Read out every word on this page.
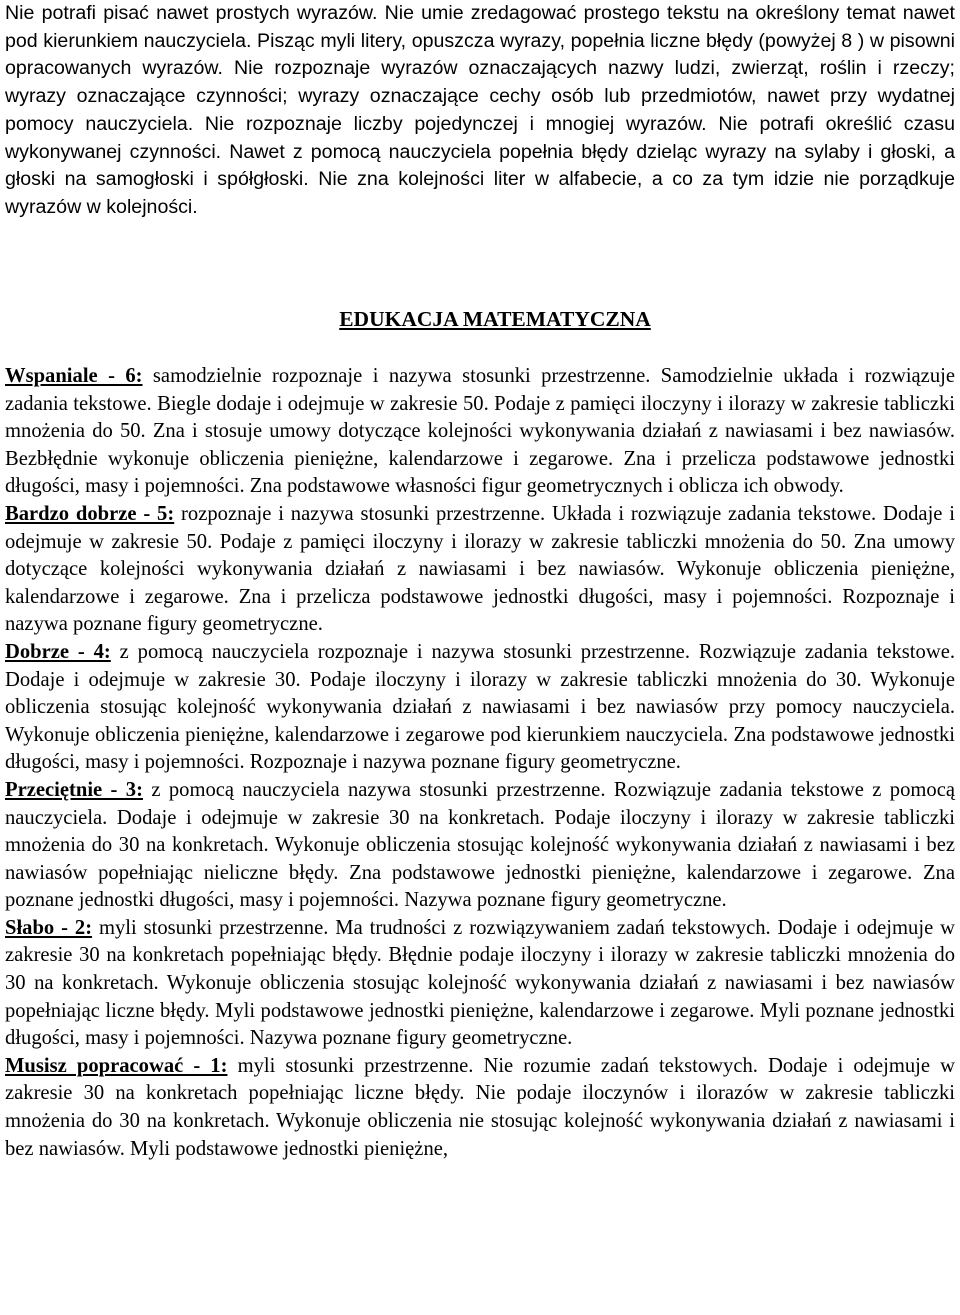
Nie potrafi pisać nawet prostych wyrazów. Nie umie zredagować prostego tekstu na określony temat nawet pod kierunkiem nauczyciela. Pisząc myli litery, opuszcza wyrazy, popełnia liczne błędy (powyżej 8 ) w pisowni opracowanych wyrazów. Nie rozpoznaje wyrazów oznaczających nazwy ludzi, zwierząt, roślin i rzeczy; wyrazy oznaczające czynności; wyrazy oznaczające cechy osób lub przedmiotów, nawet przy wydatnej pomocy nauczyciela. Nie rozpoznaje liczby pojedynczej i mnogiej wyrazów. Nie potrafi określić czasu wykonywanej czynności. Nawet z pomocą nauczyciela popełnia błędy dzieląc wyrazy na sylaby i głoski, a głoski na samogłoski i spółgłoski. Nie zna kolejności liter w alfabecie, a co za tym idzie nie porządkuje wyrazów w kolejności.

EDUKACJA MATEMATYCZNA

Wspaniale - 6: samodzielnie rozpoznaje i nazywa stosunki przestrzenne. Samodzielnie układa i rozwiązuje zadania tekstowe. Biegle dodaje i odejmuje w zakresie 50. Podaje z pamięci iloczyny i ilorazy w zakresie tabliczki mnożenia do 50. Zna i stosuje umowy dotyczące kolejności wykonywania działań z nawiasami i bez nawiasów. Bezbłędnie wykonuje obliczenia pieniężne, kalendarzowe i zegarowe. Zna i przelicza podstawowe jednostki długości, masy i pojemności. Zna podstawowe własności figur geometrycznych i oblicza ich obwody.

Bardzo dobrze - 5: rozpoznaje i nazywa stosunki przestrzenne. Układa i rozwiązuje zadania tekstowe. Dodaje i odejmuje w zakresie 50. Podaje z pamięci iloczyny i ilorazy w zakresie tabliczki mnożenia do 50. Zna umowy dotyczące kolejności wykonywania działań z nawiasami i bez nawiasów. Wykonuje obliczenia pieniężne, kalendarzowe i zegarowe. Zna i przelicza podstawowe jednostki długości, masy i pojemności. Rozpoznaje i nazywa poznane figury geometryczne.

Dobrze - 4: z pomocą nauczyciela rozpoznaje i nazywa stosunki przestrzenne. Rozwiązuje zadania tekstowe. Dodaje i odejmuje w zakresie 30. Podaje iloczyny i ilorazy w zakresie tabliczki mnożenia do 30. Wykonuje obliczenia stosując kolejność wykonywania działań z nawiasami i bez nawiasów przy pomocy nauczyciela. Wykonuje obliczenia pieniężne, kalendarzowe i zegarowe pod kierunkiem nauczyciela. Zna podstawowe jednostki długości, masy i pojemności. Rozpoznaje i nazywa poznane figury geometryczne.

Przeciętnie - 3: z pomocą nauczyciela nazywa stosunki przestrzenne. Rozwiązuje zadania tekstowe z pomocą nauczyciela. Dodaje i odejmuje w zakresie 30 na konkretach. Podaje iloczyny i ilorazy w zakresie tabliczki mnożenia do 30 na konkretach. Wykonuje obliczenia stosując kolejność wykonywania działań z nawiasami i bez nawiasów popełniając nieliczne błędy. Zna podstawowe jednostki pieniężne, kalendarzowe i zegarowe. Zna poznane jednostki długości, masy i pojemności. Nazywa poznane figury geometryczne.

Słabo - 2: myli stosunki przestrzenne. Ma trudności z rozwiązywaniem zadań tekstowych. Dodaje i odejmuje w zakresie 30 na konkretach popełniając błędy. Błędnie podaje iloczyny i ilorazy w zakresie tabliczki mnożenia do 30 na konkretach. Wykonuje obliczenia stosując kolejność wykonywania działań z nawiasami i bez nawiasów popełniając liczne błędy. Myli podstawowe jednostki pieniężne, kalendarzowe i zegarowe. Myli poznane jednostki długości, masy i pojemności. Nazywa poznane figury geometryczne.

Musisz popracować - 1: myli stosunki przestrzenne. Nie rozumie zadań tekstowych. Dodaje i odejmuje w zakresie 30 na konkretach popełniając liczne błędy. Nie podaje iloczynów i ilorazów w zakresie tabliczki mnożenia do 30 na konkretach. Wykonuje obliczenia nie stosując kolejność wykonywania działań z nawiasami i bez nawiasów. Myli podstawowe jednostki pieniężne,
